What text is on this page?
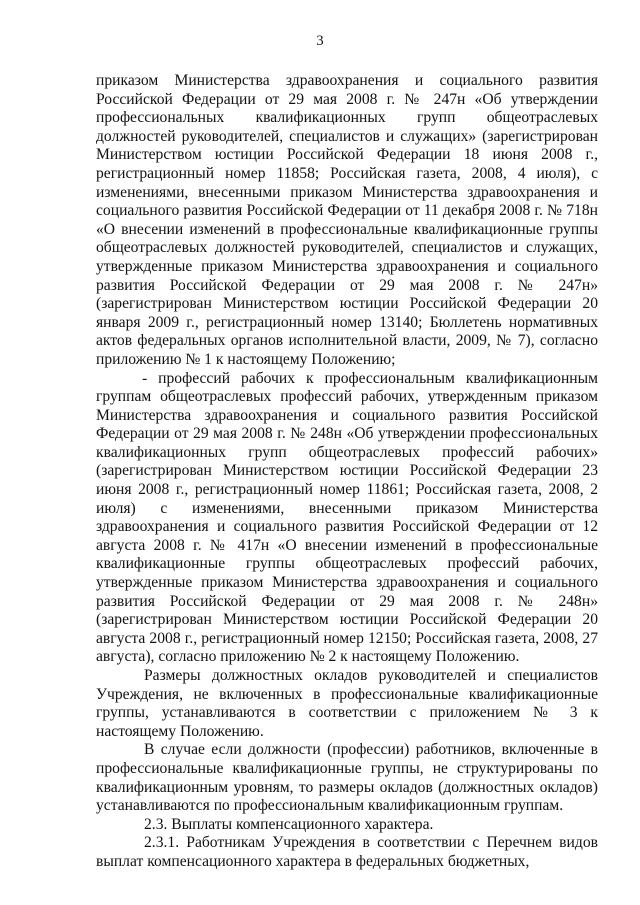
3

приказом Министерства здравоохранения и социального развития Российской Федерации от 29 мая 2008 г. № 247н «Об утверждении профессиональных квалификационных групп общеотраслевых должностей руководителей, специалистов и служащих» (зарегистрирован Министерством юстиции Российской Федерации 18 июня 2008 г., регистрационный номер 11858; Российская газета, 2008, 4 июля), с изменениями, внесенными приказом Министерства здравоохранения и социального развития Российской Федерации от 11 декабря 2008 г. № 718н «О внесении изменений в профессиональные квалификационные группы общеотраслевых должностей руководителей, специалистов и служащих, утвержденные приказом Министерства здравоохранения и социального развития Российской Федерации от 29 мая 2008 г. № 247н» (зарегистрирован Министерством юстиции Российской Федерации 20 января 2009 г., регистрационный номер 13140; Бюллетень нормативных актов федеральных органов исполнительной власти, 2009, № 7), согласно приложению № 1 к настоящему Положению;

- профессий рабочих к профессиональным квалификационным группам общеотраслевых профессий рабочих, утвержденным приказом Министерства здравоохранения и социального развития Российской Федерации от 29 мая 2008 г. № 248н «Об утверждении профессиональных квалификационных групп общеотраслевых профессий рабочих» (зарегистрирован Министерством юстиции Российской Федерации 23 июня 2008 г., регистрационный номер 11861; Российская газета, 2008, 2 июля) с изменениями, внесенными приказом Министерства здравоохранения и социального развития Российской Федерации от 12 августа 2008 г. № 417н «О внесении изменений в профессиональные квалификационные группы общеотраслевых профессий рабочих, утвержденные приказом Министерства здравоохранения и социального развития Российской Федерации от 29 мая 2008 г. № 248н» (зарегистрирован Министерством юстиции Российской Федерации 20 августа 2008 г., регистрационный номер 12150; Российская газета, 2008, 27 августа), согласно приложению № 2 к настоящему Положению.

Размеры должностных окладов руководителей и специалистов Учреждения, не включенных в профессиональные квалификационные группы, устанавливаются в соответствии с приложением № 3 к настоящему Положению.

В случае если должности (профессии) работников, включенные в профессиональные квалификационные группы, не структурированы по квалификационным уровням, то размеры окладов (должностных окладов) устанавливаются по профессиональным квалификационным группам.

2.3. Выплаты компенсационного характера.

2.3.1. Работникам Учреждения в соответствии с Перечнем видов выплат компенсационного характера в федеральных бюджетных,
